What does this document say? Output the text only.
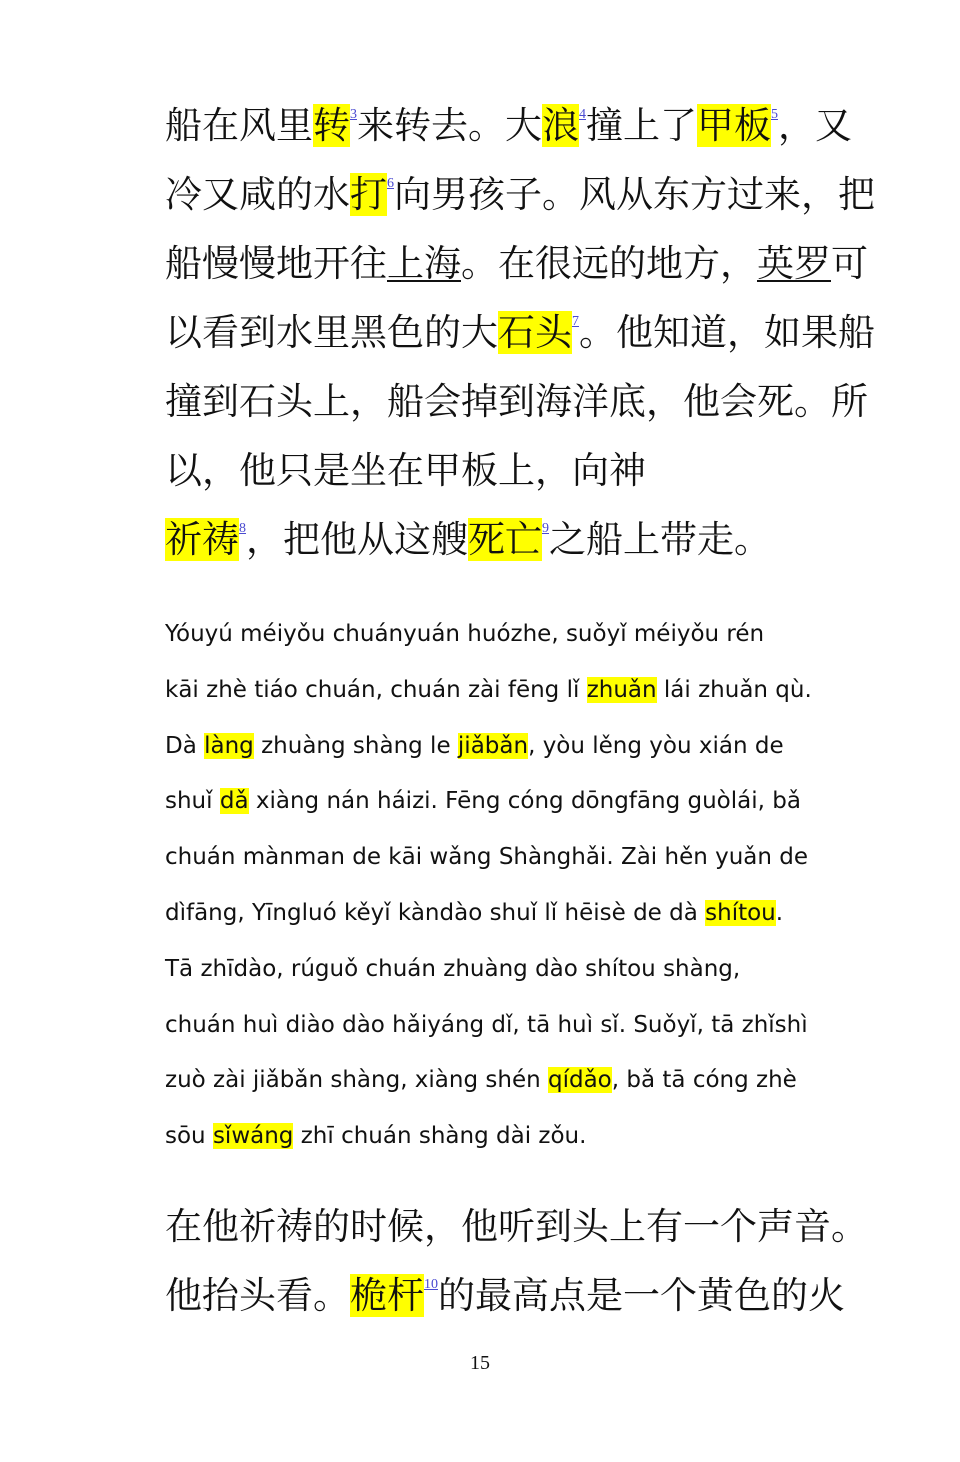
船在风里转$^3$来转去。大浪$^4$撞上了甲板$^5$，又

冷又咸的水打$^6$向男孩子。风从东方过来，把

船慢慢地开往上海。在很远的地方，英罗可

以看到水里黑色的大石头$^7$。他知道，如果船

撞到石头上，船会掉到海洋底，他会死。所

以，他只是坐在甲板上，向神

祈祷$^8$，把他从这艘死亡$^9$之船上带走。

Yóuyú méiyǒu chuányuán huózhe, suǒyǐ méiyǒu rén

kāi zhè tiáo chuán, chuán zài fēng lǐ zhuǎn lái zhuǎn qù.

Dà làng zhuàng shàng le jiǎbǎn, yòu lěng yòu xián de

shuǐ dǎ xiàng nán háizi. Fēng cóng dōngfāng guòlái, bǎ

chuán mànman de kāi wǎng Shànghǎi. Zài hěn yuǎn de

dìfāng, Yīngluó kěyǐ kàndào shuǐ lǐ hēisè de dà shítou.

Tā zhīdào, rúguǒ chuán zhuàng dào shítou shàng,

chuán huì diào dào hǎiyáng dǐ, tā huì sǐ. Suǒyǐ, tā zhǐshì

zuò zài jiǎbǎn shàng, xiàng shén qídǎo, bǎ tā cóng zhè

sōu sǐwáng zhī chuán shàng dài zǒu.

在他祈祷的时候，他听到头上有一个声音。

他抬头看。桅杆$^{10}$的最高点是一个黄色的火

15
